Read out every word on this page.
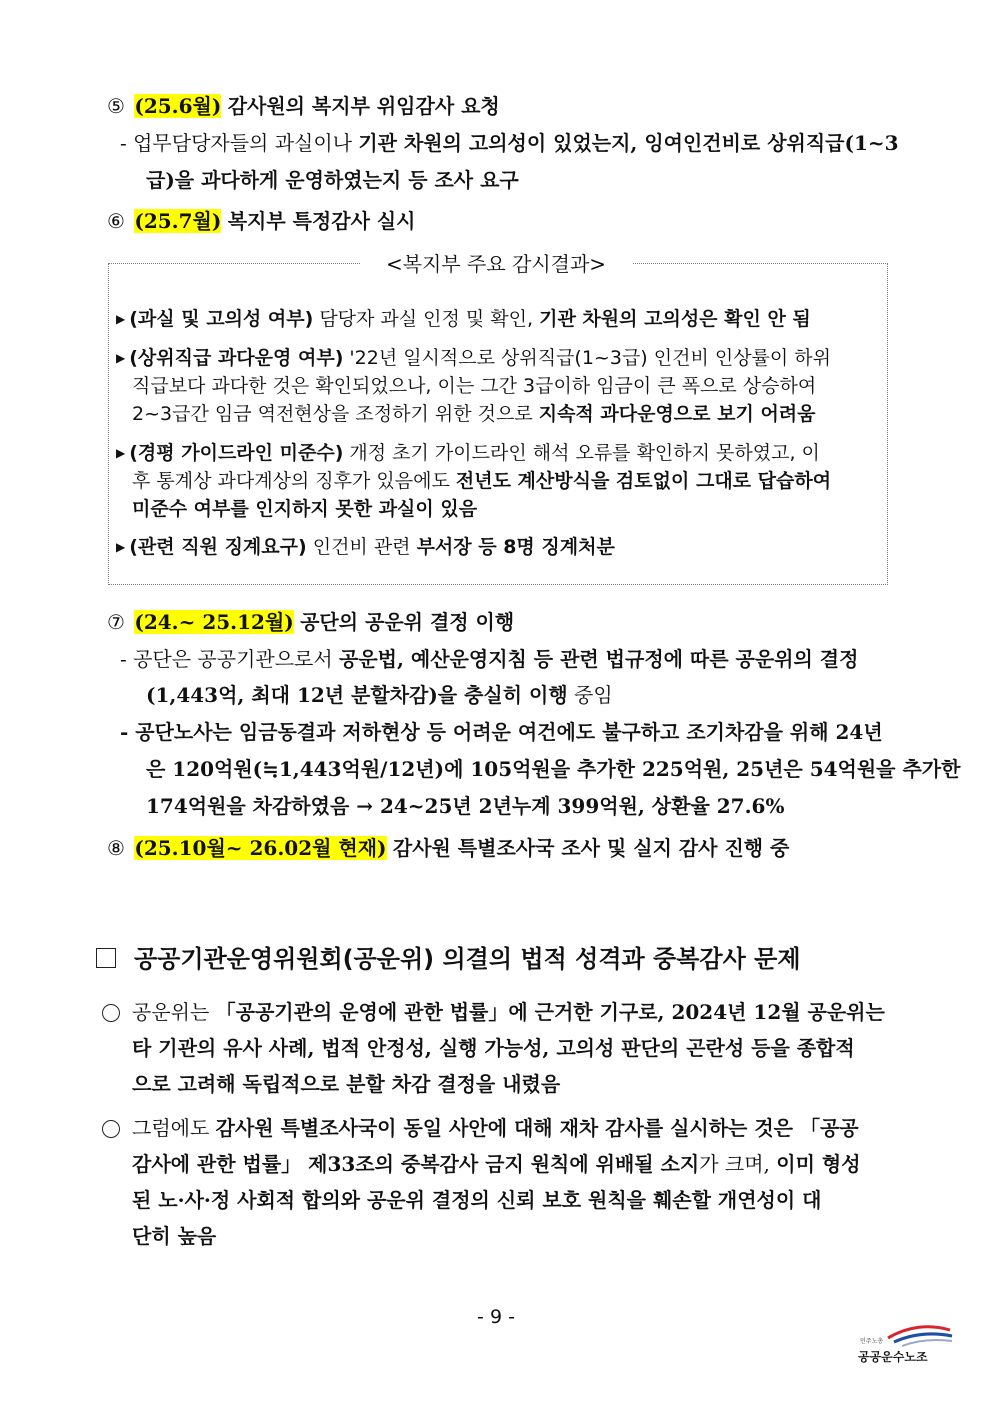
⑤ (25.6월) 감사원의 복지부 위임감사 요청
- 업무담당자들의 과실이나 기관 차원의 고의성이 있었는지, 잉여인건비로 상위직급(1~3
급)을 과다하게 운영하였는지 등 조사 요구
⑥ (25.7월) 복지부 특정감사 실시
<복지부 주요 감시결과>
▶ (과실 및 고의성 여부) 담당자 과실 인정 및 확인, 기관 차원의 고의성은 확인 안 됨
▶ (상위직급 과다운영 여부) '22년 일시적으로 상위직급(1~3급) 인건비 인상률이 하위
직급보다 과다한 것은 확인되었으나, 이는 그간 3급이하 임금이 큰 폭으로 상승하여
2~3급간 임금 역전현상을 조정하기 위한 것으로 지속적 과다운영으로 보기 어려움
▶ (경평 가이드라인 미준수) 개정 초기 가이드라인 해석 오류를 확인하지 못하였고, 이
후 통계상 과다계상의 징후가 있음에도 전년도 계산방식을 검토없이 그대로 답습하여
미준수 여부를 인지하지 못한 과실이 있음
▶ (관련 직원 징계요구) 인건비 관련 부서장 등 8명 징계처분
⑦ (24.~ 25.12월) 공단의 공운위 결정 이행
- 공단은 공공기관으로서 공운법, 예산운영지침 등 관련 법규정에 따른 공운위의 결정
(1,443억, 최대 12년 분할차감)을 충실히 이행 중임
- 공단노사는 임금동결과 저하현상 등 어려운 여건에도 불구하고 조기차감을 위해 24년
은 120억원(≒1,443억원/12년)에 105억원을 추가한 225억원, 25년은 54억원을 추가한
174억원을 차감하였음 → 24~25년 2년누계 399억원, 상환율 27.6%
⑧ (25.10월~ 26.02월 현재) 감사원 특별조사국 조사 및 실지 감사 진행 중
공공기관운영위원회(공운위) 의결의 법적 성격과 중복감사 문제
공운위는 「공공기관의 운영에 관한 법률」에 근거한 기구로, 2024년 12월 공운위는
타 기관의 유사 사례, 법적 안정성, 실행 가능성, 고의성 판단의 곤란성 등을 종합적
으로 고려해 독립적으로 분할 차감 결정을 내렸음
그럼에도 감사원 특별조사국이 동일 사안에 대해 재차 감사를 실시하는 것은 「공공
감사에 관한 법률」 제33조의 중복감사 금지 원칙에 위배될 소지가 크며, 이미 형성
된 노·사·정 사회적 합의와 공운위 결정의 신뢰 보호 원칙을 훼손할 개연성이 대
단히 높음
- 9 -
민주노총
공공운수노조
